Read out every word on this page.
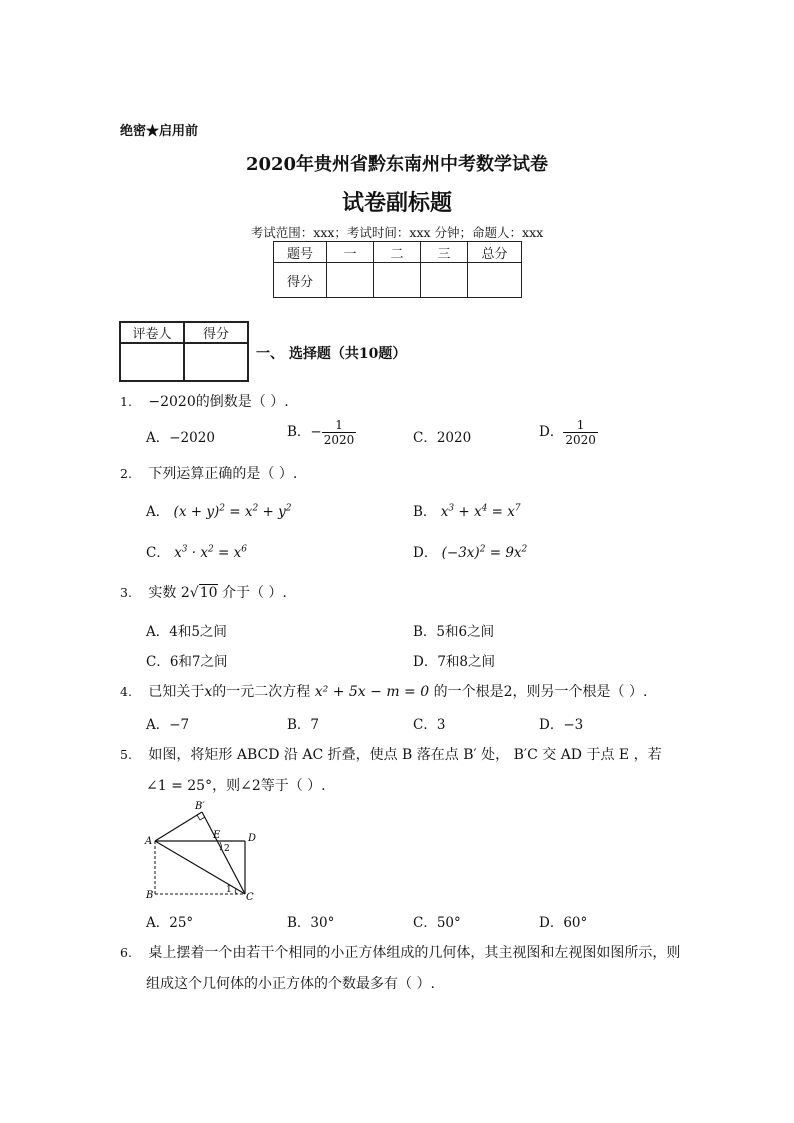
绝密★启用前
2020年贵州省黔东南州中考数学试卷
试卷副标题
考试范围：xxx；考试时间：xxx 分钟；命题人：xxx
题号	一	二	三	总分
得分				
评卷人	得分

一、 选择题（共10题）
1. −2020的倒数是（ ）.
A．−2020	B．− $\frac{1}{2020}$	C．2020	D． $\frac{1}{2020}$
2. 下列运算正确的是（ ）.
A． $(x + y)^2 = x^2 + y^2$	B． $x^3 + x^4 = x^7$
C． $x^3 \cdot x^2 = x^6$	D． $(-3x)^2 = 9x^2$
3. 实数 2√10 介于（ ）.
A．4和5之间	B．5和6之间
C．6和7之间	D．7和8之间
4. 已知关于x的一元二次方程 x² + 5x − m = 0 的一个根是2，则另一个根是（ ）.
A．−7	B．7	C．3	D．−3
5. 如图，将矩形 ABCD 沿 AC 折叠，使点 B 落在点 B′ 处， B′C 交 AD 于点 E ，若
∠1 = 25°，则∠2等于（ ）.
B′
A
E	D
2
1
B	C
A．25°	B．30°	C．50°	D．60°
6. 桌上摆着一个由若干个相同的小正方体组成的几何体，其主视图和左视图如图所示，则
组成这个几何体的小正方体的个数最多有（ ）.
